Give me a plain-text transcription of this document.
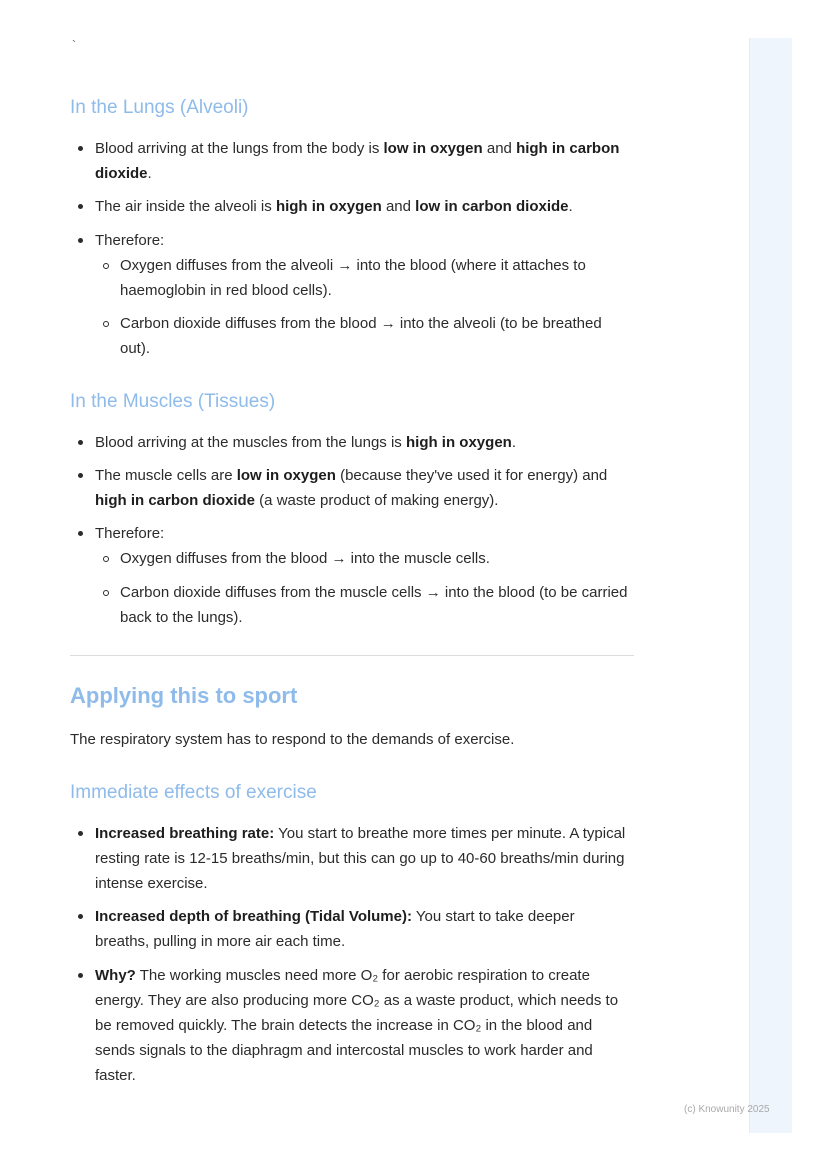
`
In the Lungs (Alveoli)

Blood arriving at the lungs from the body is low in oxygen and high in carbon dioxide.

The air inside the alveoli is high in oxygen and low in carbon dioxide.

Therefore:

Oxygen diffuses from the alveoli → into the blood (where it attaches to haemoglobin in red blood cells).

Carbon dioxide diffuses from the blood → into the alveoli (to be breathed out).

In the Muscles (Tissues)

Blood arriving at the muscles from the lungs is high in oxygen.

The muscle cells are low in oxygen (because they've used it for energy) and high in carbon dioxide (a waste product of making energy).

Therefore:

Oxygen diffuses from the blood → into the muscle cells.

Carbon dioxide diffuses from the muscle cells → into the blood (to be carried back to the lungs).

Applying this to sport

The respiratory system has to respond to the demands of exercise.

Immediate effects of exercise

Increased breathing rate: You start to breathe more times per minute. A typical resting rate is 12-15 breaths/min, but this can go up to 40-60 breaths/min during intense exercise.

Increased depth of breathing (Tidal Volume): You start to take deeper breaths, pulling in more air each time.

Why? The working muscles need more O₂ for aerobic respiration to create energy. They are also producing more CO₂ as a waste product, which needs to be removed quickly. The brain detects the increase in CO₂ in the blood and sends signals to the diaphragm and intercostal muscles to work harder and faster.

(c) Knowunity 2025
